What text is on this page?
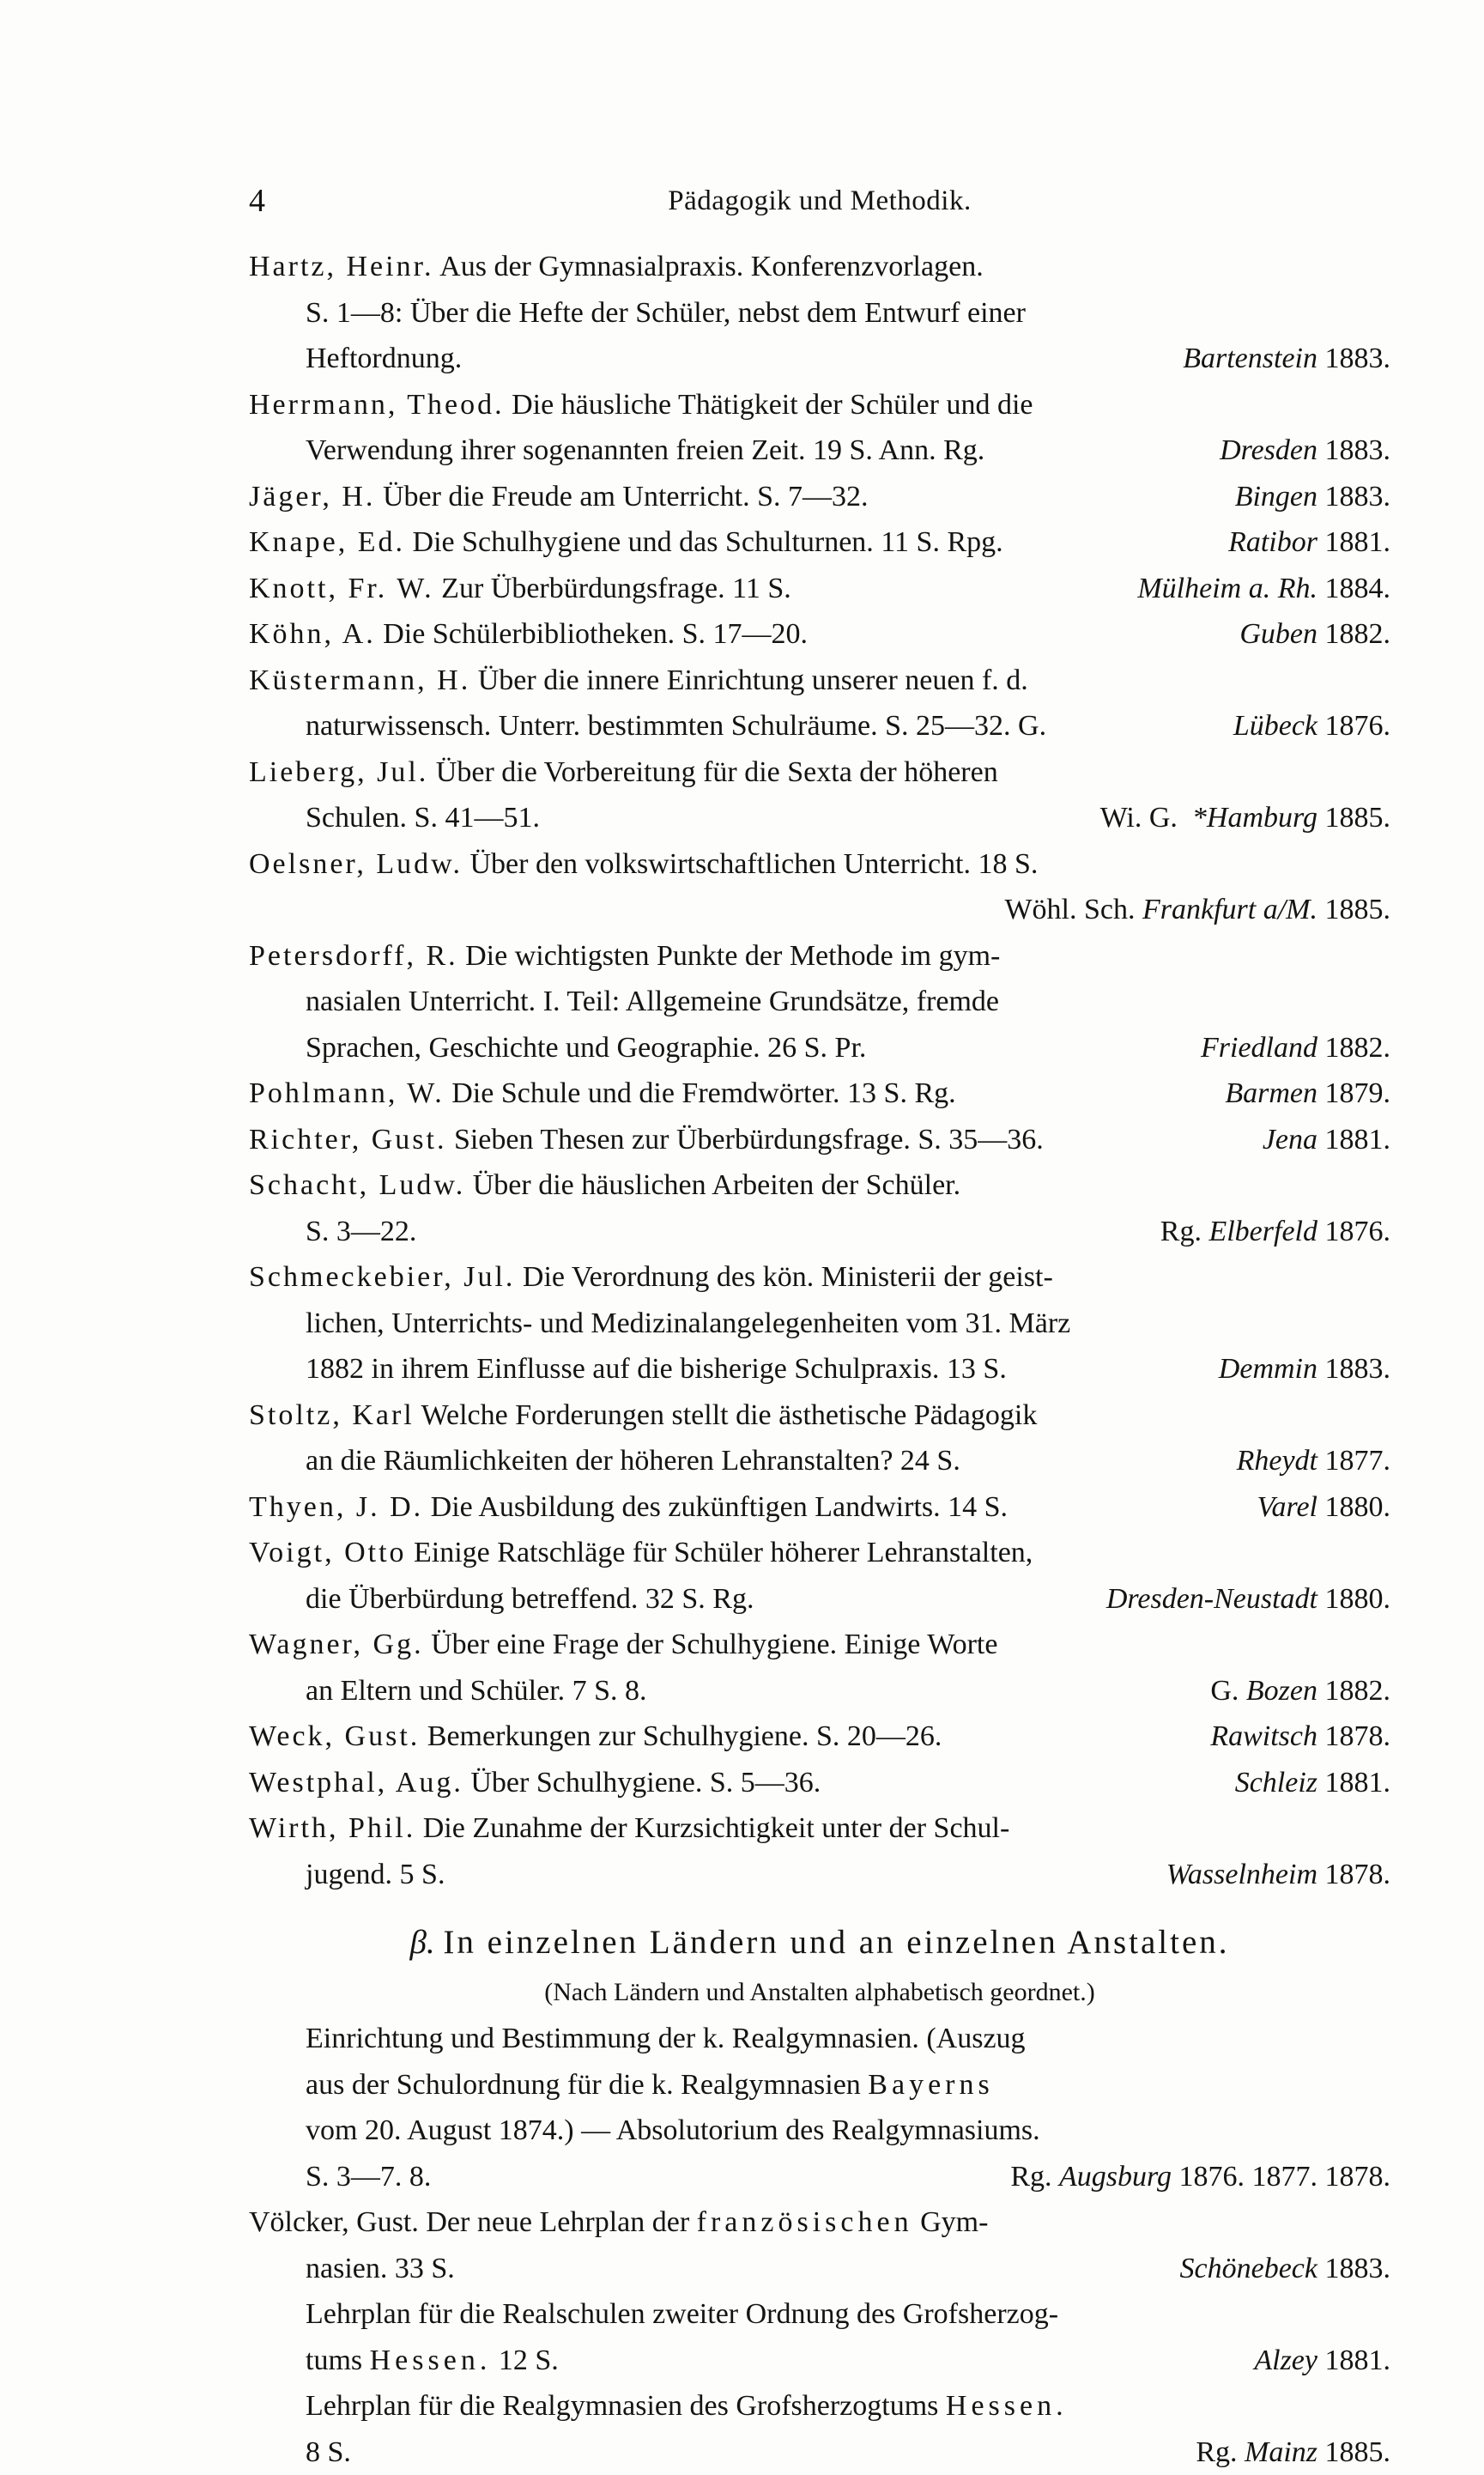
4	Pädagogik und Methodik.
Hartz, Heinr. Aus der Gymnasialpraxis. Konferenzvorlagen.
S. 1—8: Über die Hefte der Schüler, nebst dem Entwurf einer
Heftordnung.	Bartenstein 1883.
Herrmann, Theod. Die häusliche Thätigkeit der Schüler und die
Verwendung ihrer sogenannten freien Zeit. 19 S. Ann. Rg.	Dresden 1883.
Jäger, H. Über die Freude am Unterricht. S. 7—32.	Bingen 1883.
Knape, Ed. Die Schulhygiene und das Schulturnen. 11 S. Rpg.	Ratibor 1881.
Knott, Fr. W. Zur Überbürdungsfrage. 11 S.	Mülheim a. Rh. 1884.
Köhn, A. Die Schülerbibliotheken. S. 17—20.	Guben 1882.
Küstermann, H. Über die innere Einrichtung unserer neuen f. d.
naturwissensch. Unterr. bestimmten Schulräume. S. 25—32. G.	Lübeck 1876.
Lieberg, Jul. Über die Vorbereitung für die Sexta der höheren
Schulen. S. 41—51.	Wi. G. *Hamburg 1885.
Oelsner, Ludw. Über den volkswirtschaftlichen Unterricht. 18 S.
Wöhl. Sch. Frankfurt a/M. 1885.
Petersdorff, R. Die wichtigsten Punkte der Methode im gym-
nasialen Unterricht. I. Teil: Allgemeine Grundsätze, fremde
Sprachen, Geschichte und Geographie. 26 S. Pr.	Friedland 1882.
Pohlmann, W. Die Schule und die Fremdwörter. 13 S. Rg.	Barmen 1879.
Richter, Gust. Sieben Thesen zur Überbürdungsfrage. S. 35—36.	Jena 1881.
Schacht, Ludw. Über die häuslichen Arbeiten der Schüler.
S. 3—22.	Rg. Elberfeld 1876.
Schmeckebier, Jul. Die Verordnung des kön. Ministerii der geist-
lichen, Unterrichts- und Medizinalangelegenheiten vom 31. März
1882 in ihrem Einflusse auf die bisherige Schulpraxis. 13 S.	Demmin 1883.
Stoltz, Karl Welche Forderungen stellt die ästhetische Pädagogik
an die Räumlichkeiten der höheren Lehranstalten? 24 S.	Rheydt 1877.
Thyen, J. D. Die Ausbildung des zukünftigen Landwirts. 14 S.	Varel 1880.
Voigt, Otto Einige Ratschläge für Schüler höherer Lehranstalten,
die Überbürdung betreffend. 32 S. Rg.	Dresden-Neustadt 1880.
Wagner, Gg. Über eine Frage der Schulhygiene. Einige Worte
an Eltern und Schüler. 7 S. 8.	G. Bozen 1882.
Weck, Gust. Bemerkungen zur Schulhygiene. S. 20—26.	Rawitsch 1878.
Westphal, Aug. Über Schulhygiene. S. 5—36.	Schleiz 1881.
Wirth, Phil. Die Zunahme der Kurzsichtigkeit unter der Schul-
jugend. 5 S.	Wasselnheim 1878.
β. In einzelnen Ländern und an einzelnen Anstalten.
(Nach Ländern und Anstalten alphabetisch geordnet.)
Einrichtung und Bestimmung der k. Realgymnasien. (Auszug
aus der Schulordnung für die k. Realgymnasien Bayerns
vom 20. August 1874.) — Absolutorium des Realgymnasiums.
S. 3—7. 8.	Rg. Augsburg 1876. 1877. 1878.
Völcker, Gust. Der neue Lehrplan der französischen Gym-
nasien. 33 S.	Schönebeck 1883.
Lehrplan für die Realschulen zweiter Ordnung des Grofsherzog-
tums Hessen. 12 S.	Alzey 1881.
Lehrplan für die Realgymnasien des Grofsherzogtums Hessen.
8 S.	Rg. Mainz 1885.
